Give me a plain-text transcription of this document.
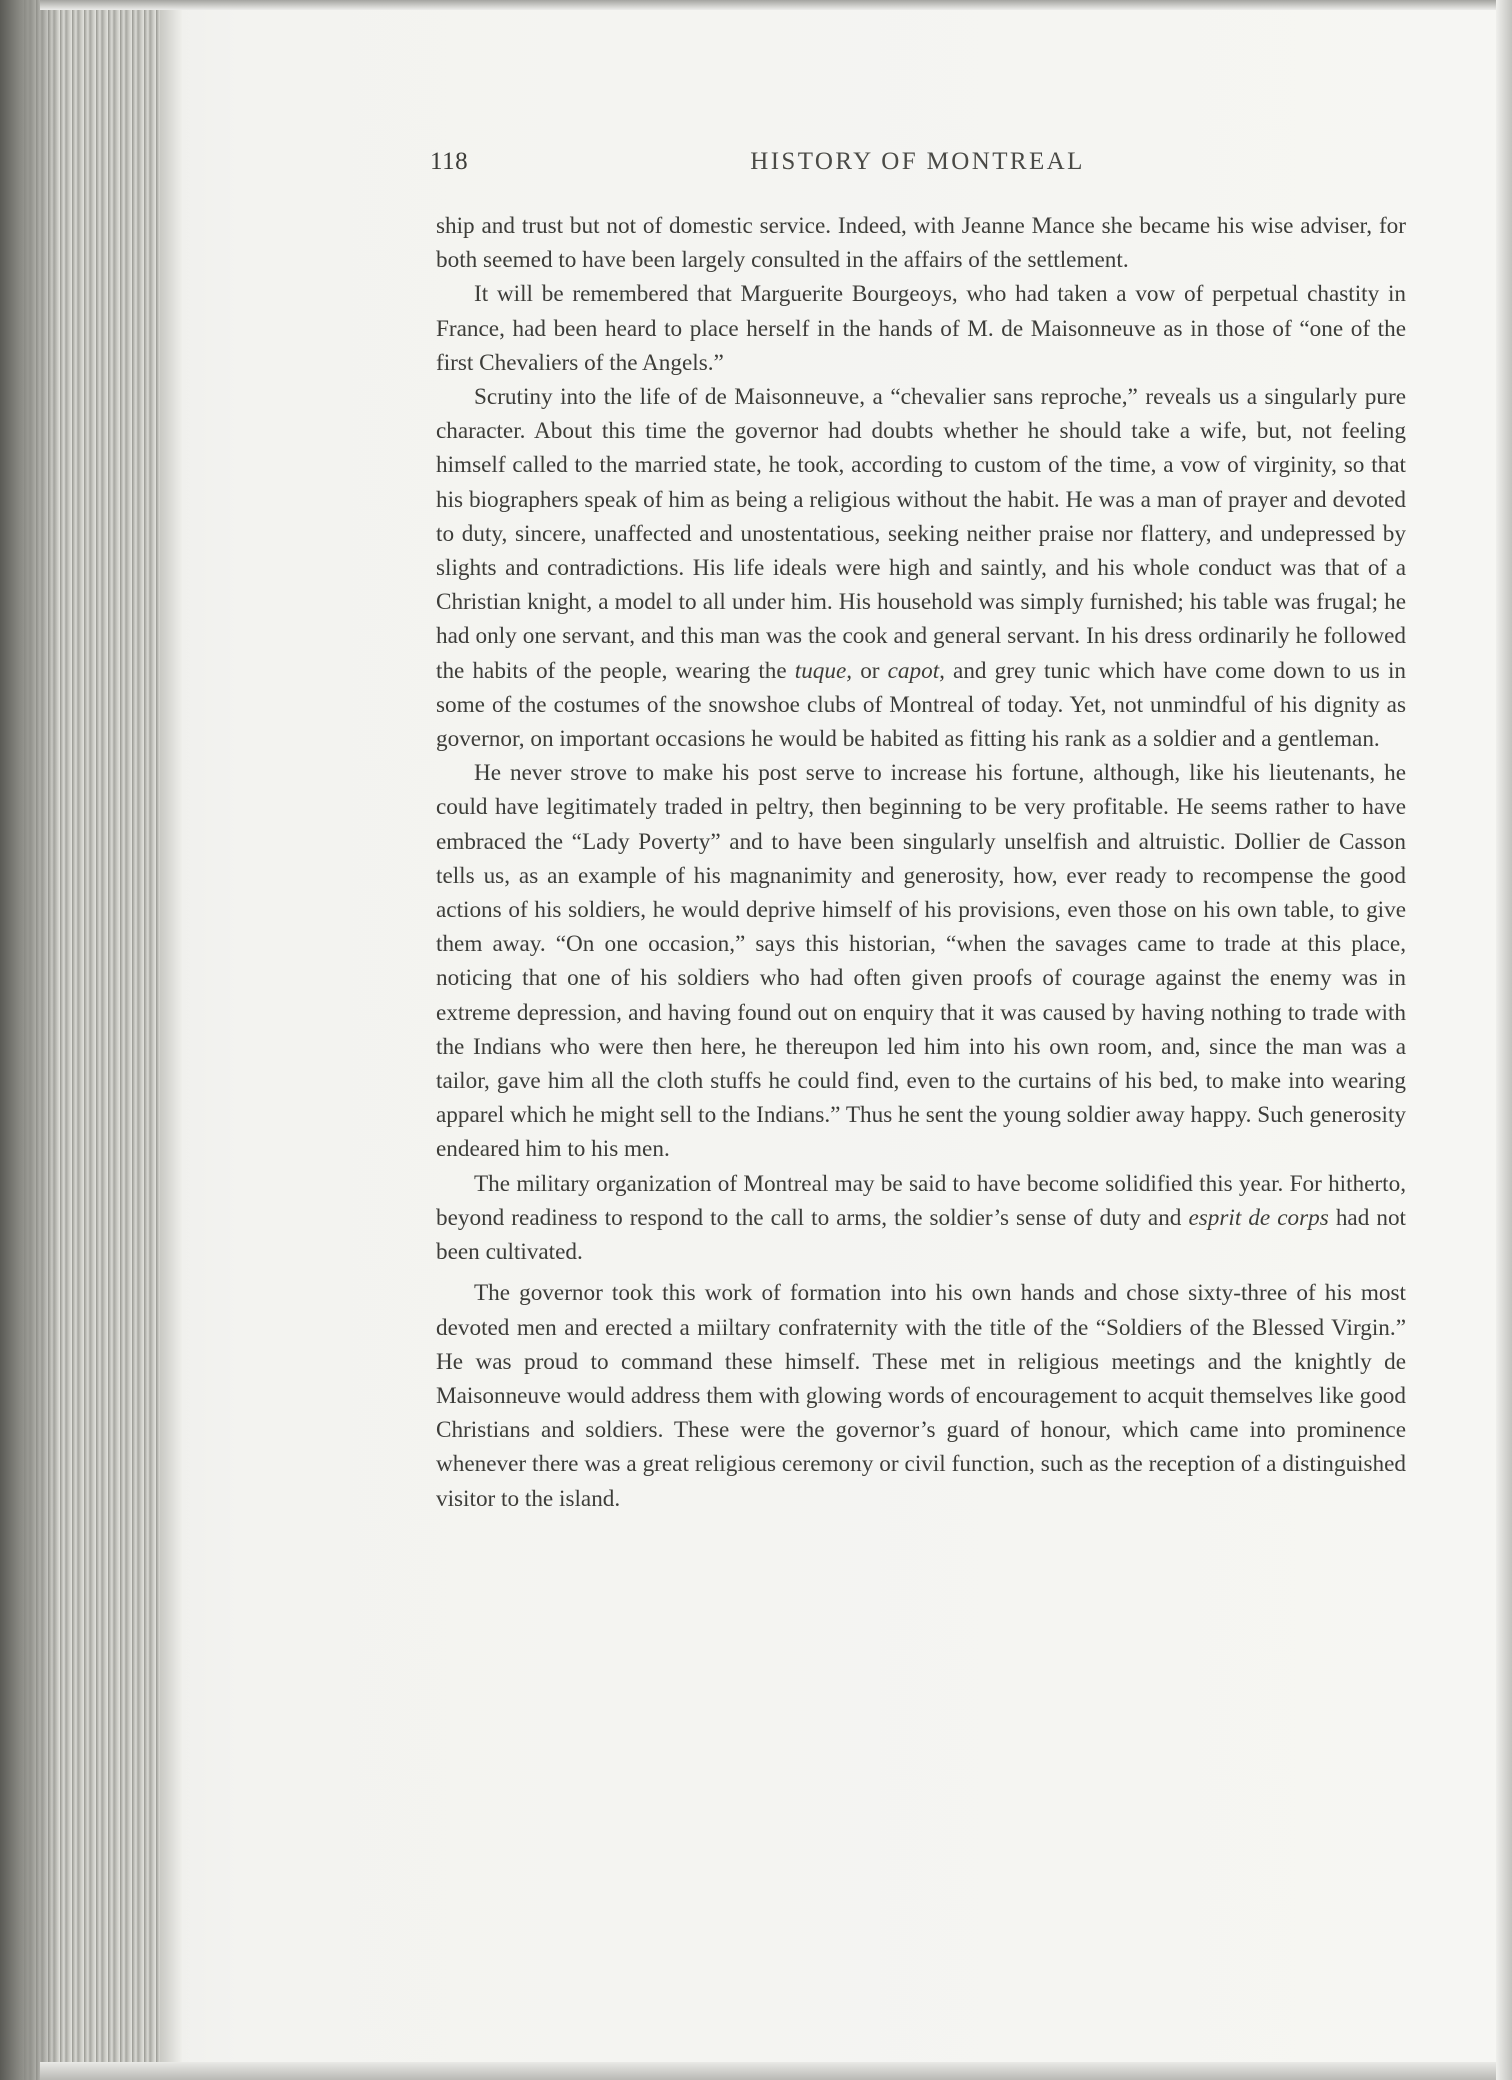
118	HISTORY OF MONTREAL

ship and trust but not of domestic service. Indeed, with Jeanne Mance she became his wise adviser, for both seemed to have been largely consulted in the affairs of the settlement.

It will be remembered that Marguerite Bourgeoys, who had taken a vow of perpetual chastity in France, had been heard to place herself in the hands of M. de Maisonneuve as in those of “one of the first Chevaliers of the Angels.”

Scrutiny into the life of de Maisonneuve, a “chevalier sans reproche,” reveals us a singularly pure character. About this time the governor had doubts whether he should take a wife, but, not feeling himself called to the married state, he took, according to custom of the time, a vow of virginity, so that his biographers speak of him as being a religious without the habit. He was a man of prayer and devoted to duty, sincere, unaffected and unostentatious, seeking neither praise nor flattery, and undepressed by slights and contradictions. His life ideals were high and saintly, and his whole conduct was that of a Christian knight, a model to all under him. His household was simply furnished; his table was frugal; he had only one servant, and this man was the cook and general servant. In his dress ordinarily he followed the habits of the people, wearing the tuque, or capot, and grey tunic which have come down to us in some of the costumes of the snowshoe clubs of Montreal of today. Yet, not unmindful of his dignity as governor, on important occasions he would be habited as fitting his rank as a soldier and a gentleman.

He never strove to make his post serve to increase his fortune, although, like his lieutenants, he could have legitimately traded in peltry, then beginning to be very profitable. He seems rather to have embraced the “Lady Poverty” and to have been singularly unselfish and altruistic. Dollier de Casson tells us, as an example of his magnanimity and generosity, how, ever ready to recompense the good actions of his soldiers, he would deprive himself of his provisions, even those on his own table, to give them away. “On one occasion,” says this historian, “when the savages came to trade at this place, noticing that one of his soldiers who had often given proofs of courage against the enemy was in extreme depression, and having found out on enquiry that it was caused by having nothing to trade with the Indians who were then here, he thereupon led him into his own room, and, since the man was a tailor, gave him all the cloth stuffs he could find, even to the curtains of his bed, to make into wearing apparel which he might sell to the Indians.” Thus he sent the young soldier away happy. Such generosity endeared him to his men.

The military organization of Montreal may be said to have become solidified this year. For hitherto, beyond readiness to respond to the call to arms, the soldier’s sense of duty and esprit de corps had not been cultivated.

The governor took this work of formation into his own hands and chose sixty-three of his most devoted men and erected a miiltary confraternity with the title of the “Soldiers of the Blessed Virgin.” He was proud to command these himself. These met in religious meetings and the knightly de Maisonneuve would address them with glowing words of encouragement to acquit themselves like good Christians and soldiers. These were the governor’s guard of honour, which came into prominence whenever there was a great religious ceremony or civil function, such as the reception of a distinguished visitor to the island.
